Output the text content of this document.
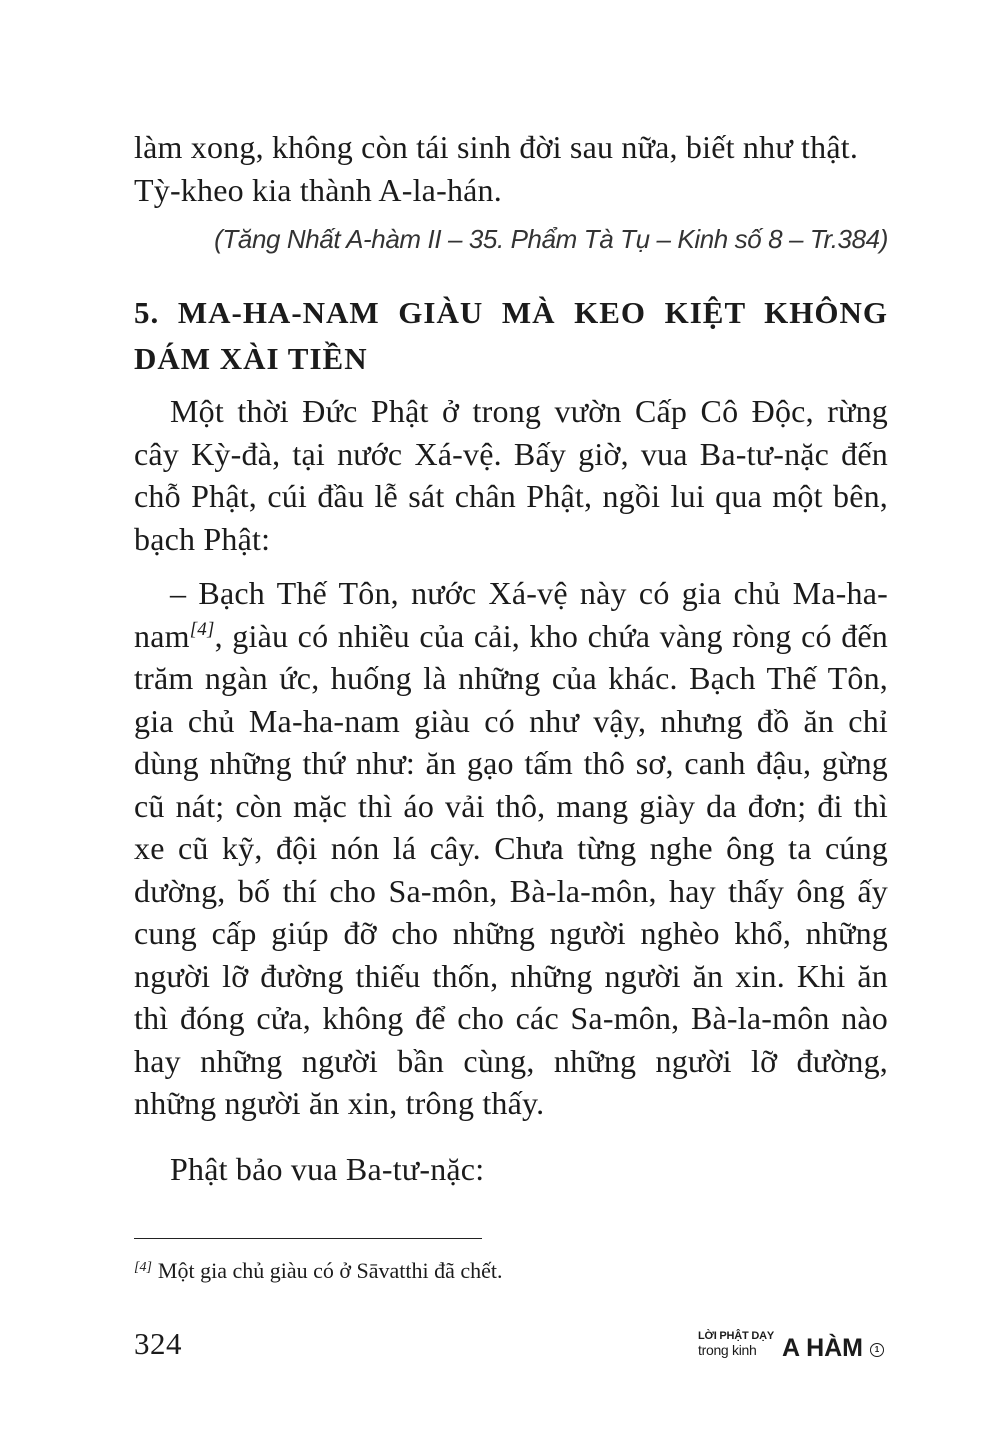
làm xong, không còn tái sinh đời sau nữa, biết như thật.
Tỳ-kheo kia thành A-la-hán.

(Tăng Nhất A-hàm II – 35. Phẩm Tà Tụ – Kinh số 8 – Tr.384)
5. MA-HA-NAM GIÀU MÀ KEO KIỆT KHÔNG DÁM XÀI TIỀN

Một thời Đức Phật ở trong vườn Cấp Cô Độc, rừng cây Kỳ-đà, tại nước Xá-vệ. Bấy giờ, vua Ba-tư-nặc đến chỗ Phật, cúi đầu lễ sát chân Phật, ngồi lui qua một bên, bạch Phật:

– Bạch Thế Tôn, nước Xá-vệ này có gia chủ Ma-ha-nam[4], giàu có nhiều của cải, kho chứa vàng ròng có đến trăm ngàn ức, huống là những của khác. Bạch Thế Tôn, gia chủ Ma-ha-nam giàu có như vậy, nhưng đồ ăn chỉ dùng những thứ như: ăn gạo tấm thô sơ, canh đậu, gừng cũ nát; còn mặc thì áo vải thô, mang giày da đơn; đi thì xe cũ kỹ, đội nón lá cây. Chưa từng nghe ông ta cúng dường, bố thí cho Sa-môn, Bà-la-môn, hay thấy ông ấy cung cấp giúp đỡ cho những người nghèo khổ, những người lỡ đường thiếu thốn, những người ăn xin. Khi ăn thì đóng cửa, không để cho các Sa-môn, Bà-la-môn nào hay những người bần cùng, những người lỡ đường, những người ăn xin, trông thấy.

Phật bảo vua Ba-tư-nặc:

[4] Một gia chủ giàu có ở Sāvatthi đã chết.
324	LỜI PHẬT DẠY
trong kinh A HÀM	1
